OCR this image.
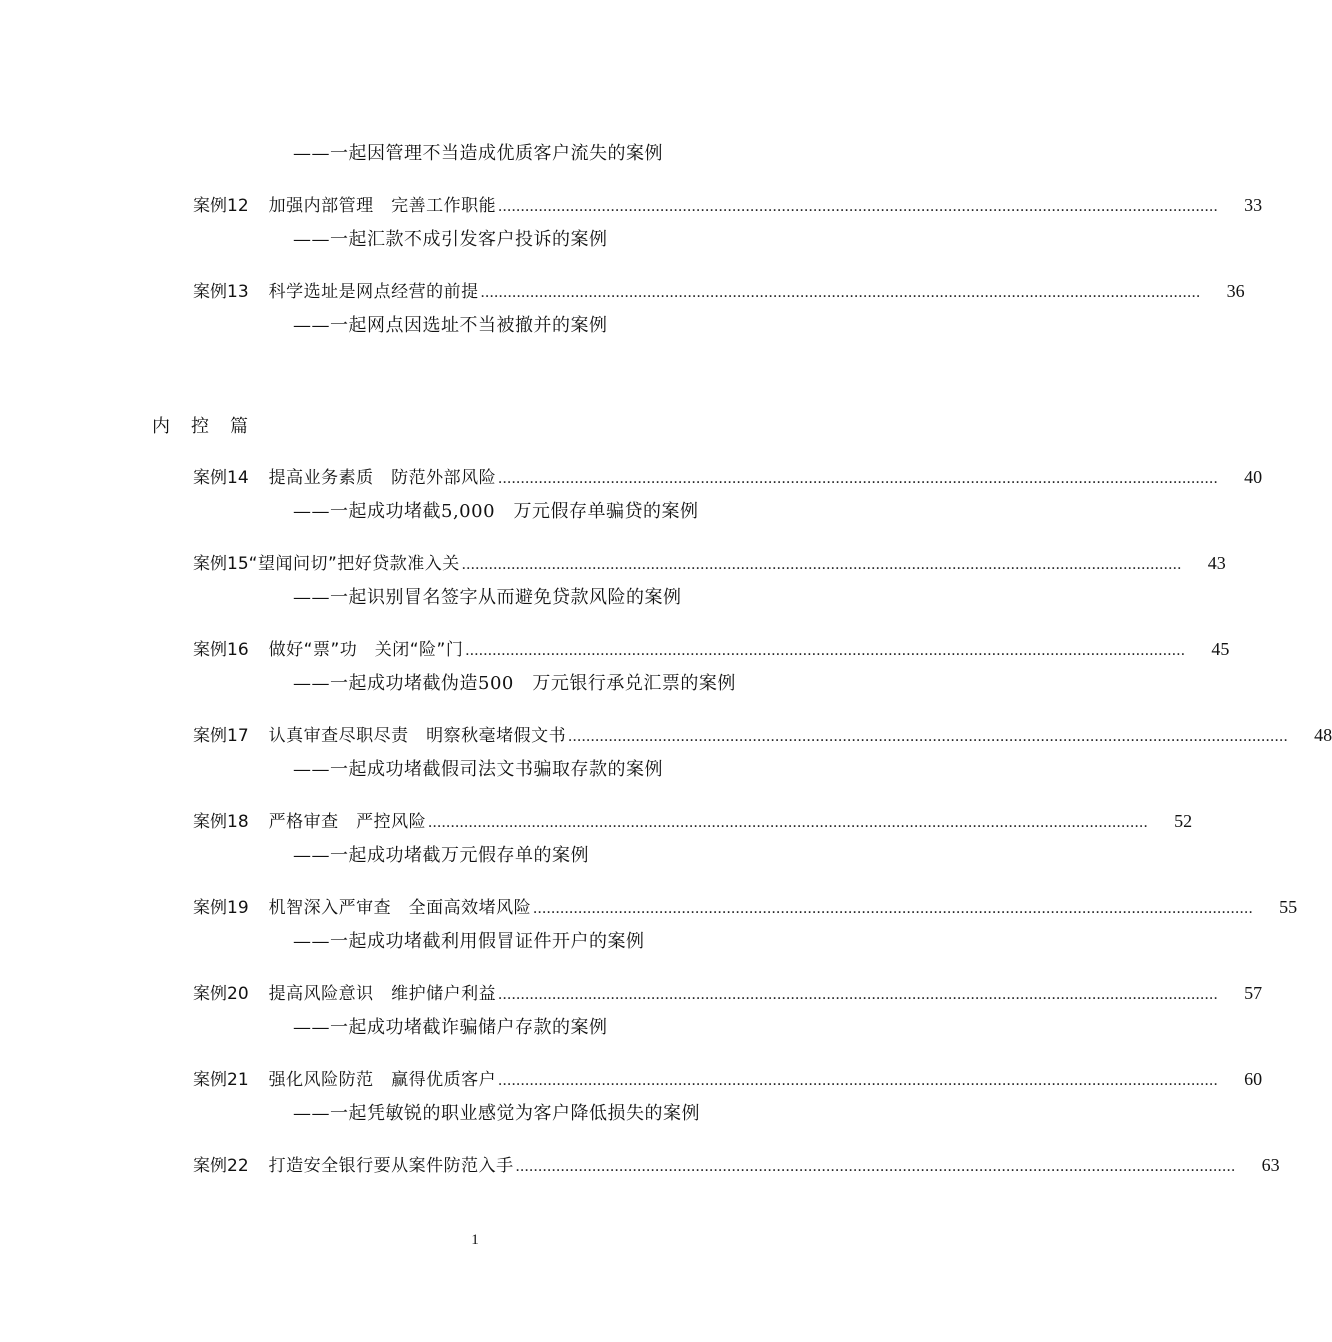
——一起因管理不当造成优质客户流失的案例
案例12 加强内部管理　完善工作职能 ................................................................................................................................................................	33
——一起汇款不成引发客户投诉的案例
案例13 科学选址是网点经营的前提 ................................................................................................................................................................	36
——一起网点因选址不当被撤并的案例
内控篇
案例14 提高业务素质　防范外部风险 ................................................................................................................................................................	40
——一起成功堵截5,000　万元假存单骗贷的案例
案例15 “望闻问切”把好贷款准入关 ................................................................................................................................................................	43
——一起识别冒名签字从而避免贷款风险的案例
案例16 做好“票”功　关闭“险”门 ................................................................................................................................................................	45
——一起成功堵截伪造500　万元银行承兑汇票的案例
案例17 认真审查尽职尽责　明察秋毫堵假文书 ................................................................................................................................................................	48
——一起成功堵截假司法文书骗取存款的案例
案例18 严格审查　严控风险 ................................................................................................................................................................	52
——一起成功堵截万元假存单的案例
案例19 机智深入严审查　全面高效堵风险 ................................................................................................................................................................	55
——一起成功堵截利用假冒证件开户的案例
案例20 提高风险意识　维护储户利益 ................................................................................................................................................................	57
——一起成功堵截诈骗储户存款的案例
案例21 强化风险防范　赢得优质客户 ................................................................................................................................................................	60
——一起凭敏锐的职业感觉为客户降低损失的案例
案例22 打造安全银行要从案件防范入手 ................................................................................................................................................................	63
1
